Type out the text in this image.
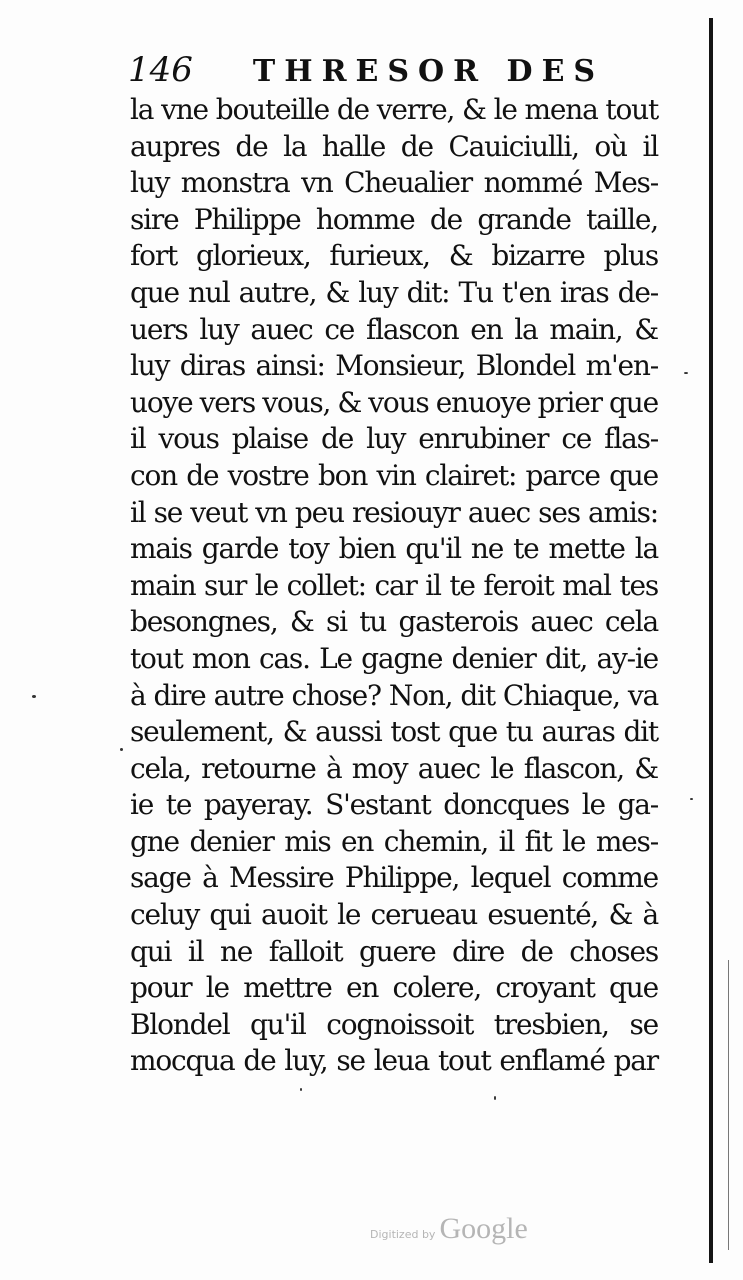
146 THRESOR DES
la vne bouteille de verre, & le mena tout
aupres de la halle de Cauiciulli, où il
luy monstra vn Cheualier nommé Mes-
sire Philippe homme de grande taille,
fort glorieux, furieux, & bizarre plus
que nul autre, & luy dit: Tu t'en iras de-
uers luy auec ce flascon en la main, &
luy diras ainsi: Monsieur, Blondel m'en-
uoye vers vous, & vous enuoye prier que
il vous plaise de luy enrubiner ce flas-
con de vostre bon vin clairet: parce que
il se veut vn peu resiouyr auec ses amis:
mais garde toy bien qu'il ne te mette la
main sur le collet: car il te feroit mal tes
besongnes, & si tu gasterois auec cela
tout mon cas. Le gagne denier dit, ay-ie
à dire autre chose? Non, dit Chiaque, va
seulement, & aussi tost que tu auras dit
cela, retourne à moy auec le flascon, &
ie te payeray. S'estant doncques le ga-
gne denier mis en chemin, il fit le mes-
sage à Messire Philippe, lequel comme
celuy qui auoit le cerueau esuenté, & à
qui il ne falloit guere dire de choses
pour le mettre en colere, croyant que
Blondel qu'il cognoissoit tresbien, se
mocqua de luy, se leua tout enflamé par
Digitized by Google
